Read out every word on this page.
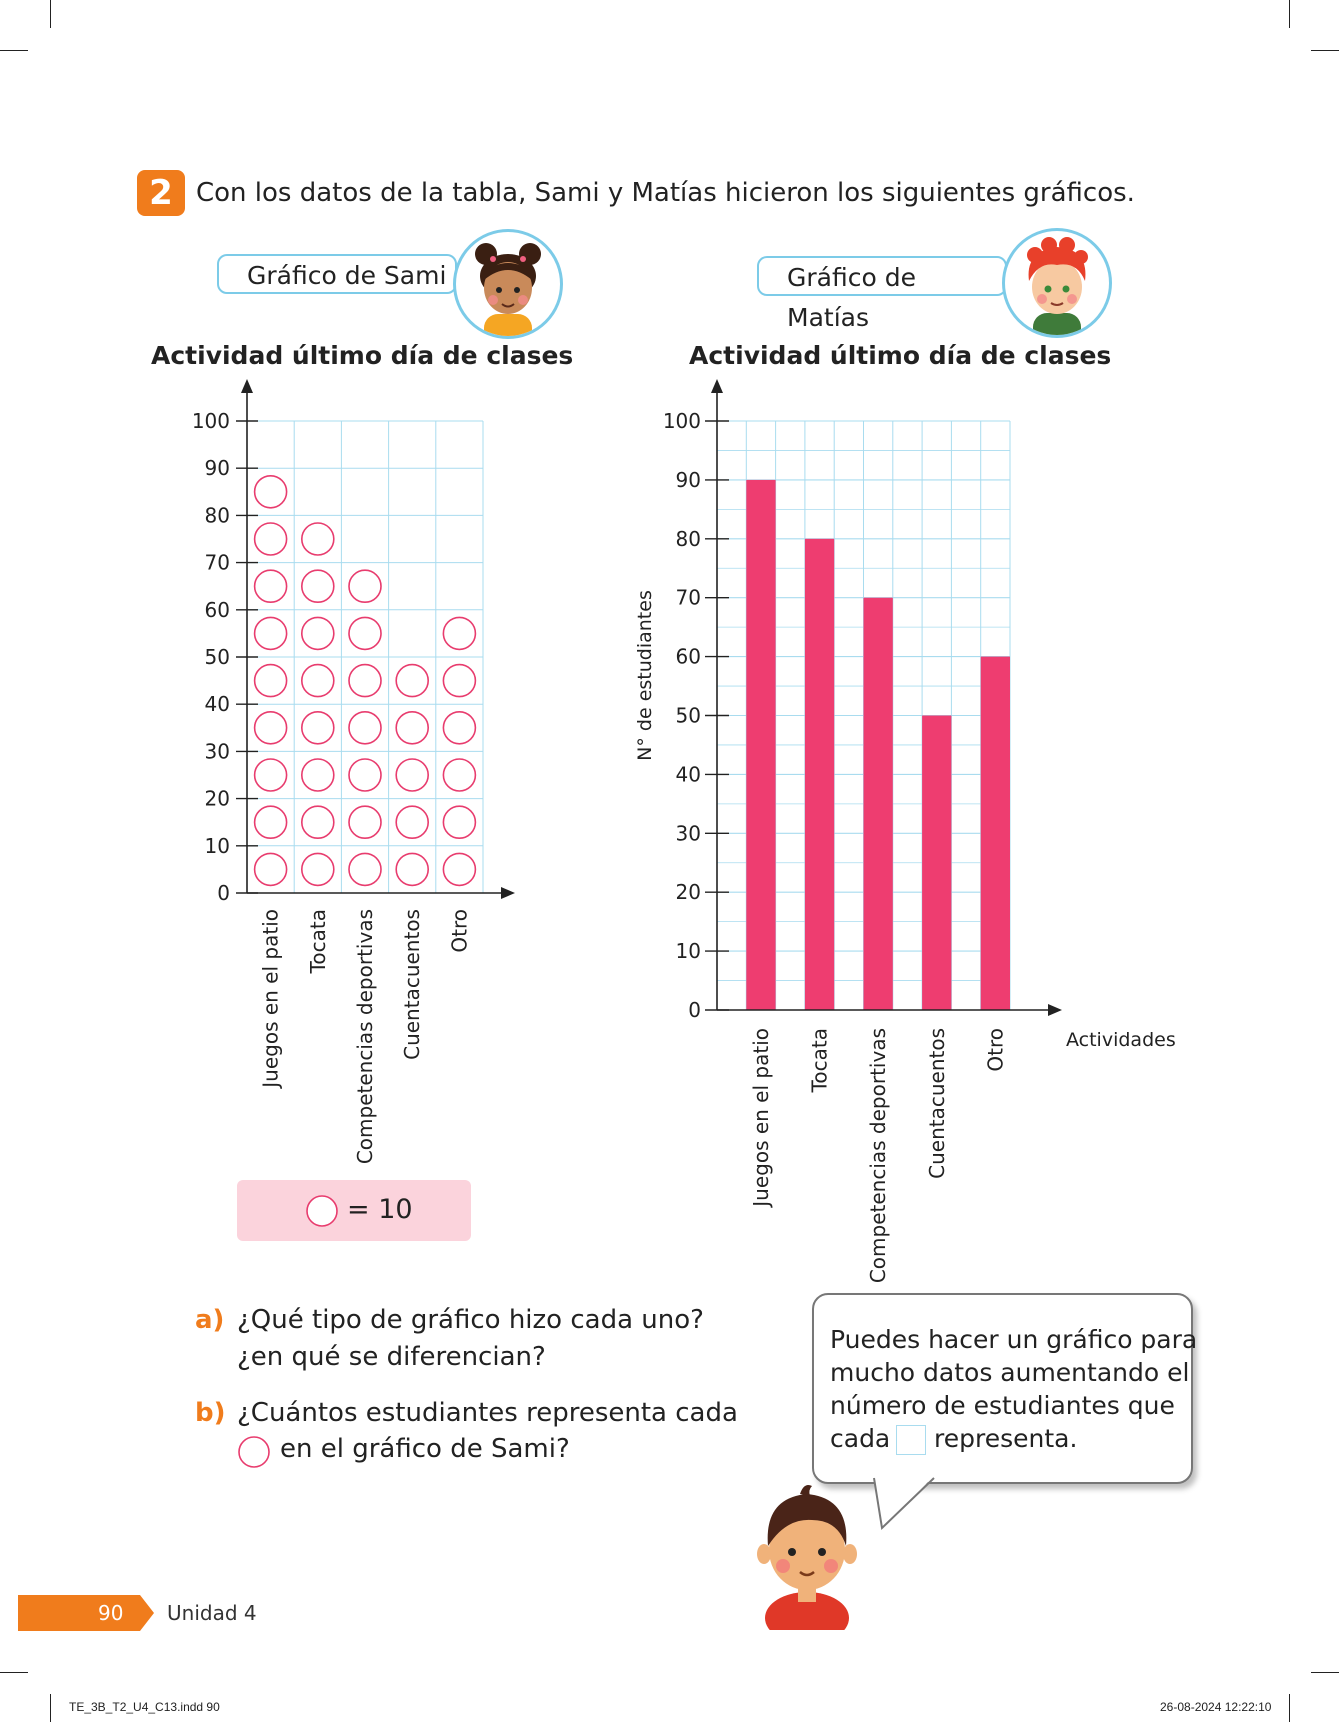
2 Con los datos de la tabla, Sami y Matías hicieron los siguientes gráficos.
Gráfico de Sami	Gráfico de Matías
Actividad último día de clases	Actividad último día de clases
0
10
20
30
40
50
60
70
80
90
100
Juegos en el patio Tocata Competencias deportivas Cuentacuentos Otro
Juegos en el patio Tocata Competencias deportivas Cuentacuentos Otro
0
10
20
30
40
50
60
70
80
90
100
Actividades
N° de estudiantes
= 10
a) ¿Qué tipo de gráfico hizo cada uno?
¿en qué se diferencian?
b) ¿Cuántos estudiantes representa cada
en el gráfico de Sami?
Puedes hacer un gráfico para
mucho datos aumentando el
número de estudiantes que
cada representa.
90 Unidad 4
TE_3B_T2_U4_C13.indd 90	26-08-2024 12:22:10
